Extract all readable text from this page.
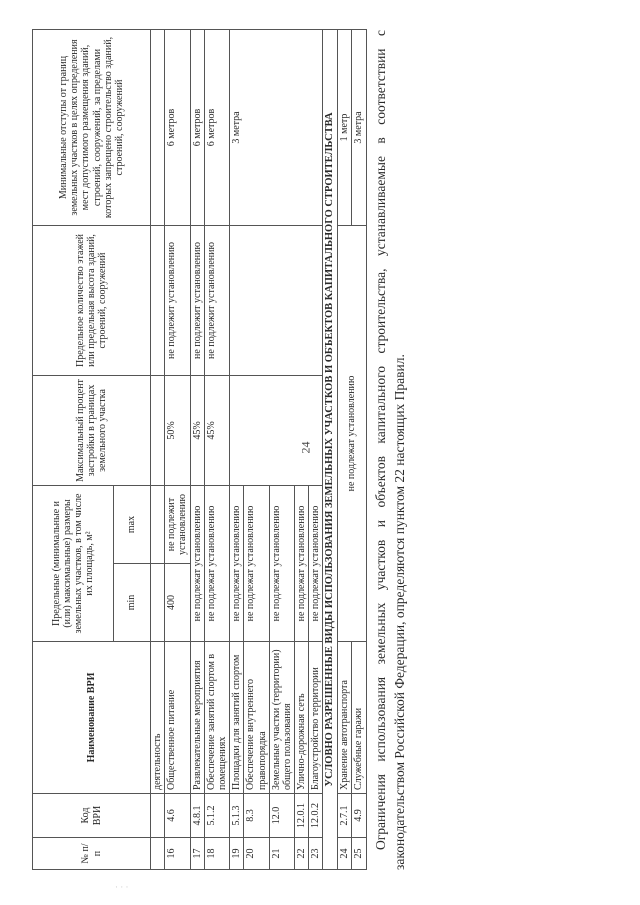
24
№ п/п	Код ВРИ	Наименование ВРИ	Предельные (минимальные и (или) максимальные) размеры земельных участков, в том числе их площадь, м²		Максимальный процент застройки в границах земельного участка	Предельное количество этажей или предельная высота зданий, строений, сооружений	Минимальные отступы от границ земельных участков в целях определения мест допустимого размещения зданий, строений, сооружений, за пределами которых запрещено строительство зданий, строений, сооружений
			min	max			
		деятельность					
16	4.6	Общественное питание	400	не подлежит установлению	50%	не подлежит установлению	6 метров
17	4.8.1	Развлекательные мероприятия	не подлежат установлению		45%	не подлежит установлению	6 метров
18	5.1.2	Обеспечение занятий спортом в помещениях	не подлежат установлению		45%	не подлежит установлению	6 метров
19	5.1.3	Площадки для занятий спортом	не подлежат установлению				3 метра
20	8.3	Обеспечение внутреннего правопорядка	не подлежат установлению				
21	12.0	Земельные участки (территории) общего пользования	не подлежат установлению				
22	12.0.1	Улично-дорожная сеть	не подлежат установлению				
23	12.0.2	Благоустройство территории	не подлежат установлению				
УСЛОВНО РАЗРЕШЕННЫЕ ВИДЫ ИСПОЛЬЗОВАНИЯ ЗЕМЕЛЬНЫХ УЧАСТКОВ И ОБЪЕКТОВ КАПИТАЛЬНОГО СТРОИТЕЛЬСТВА							
24	2.7.1	Хранение автотранспорта	не подлежат установлению				1 метр
25	4.9	Служебные гаражи					3 метра Ограничения использования земельных участков и объектов капитального строительства, устанавливаемые в соответствии с законодательством Российской Федерации, определяются пунктом 22 настоящих Правил.

· · ·
